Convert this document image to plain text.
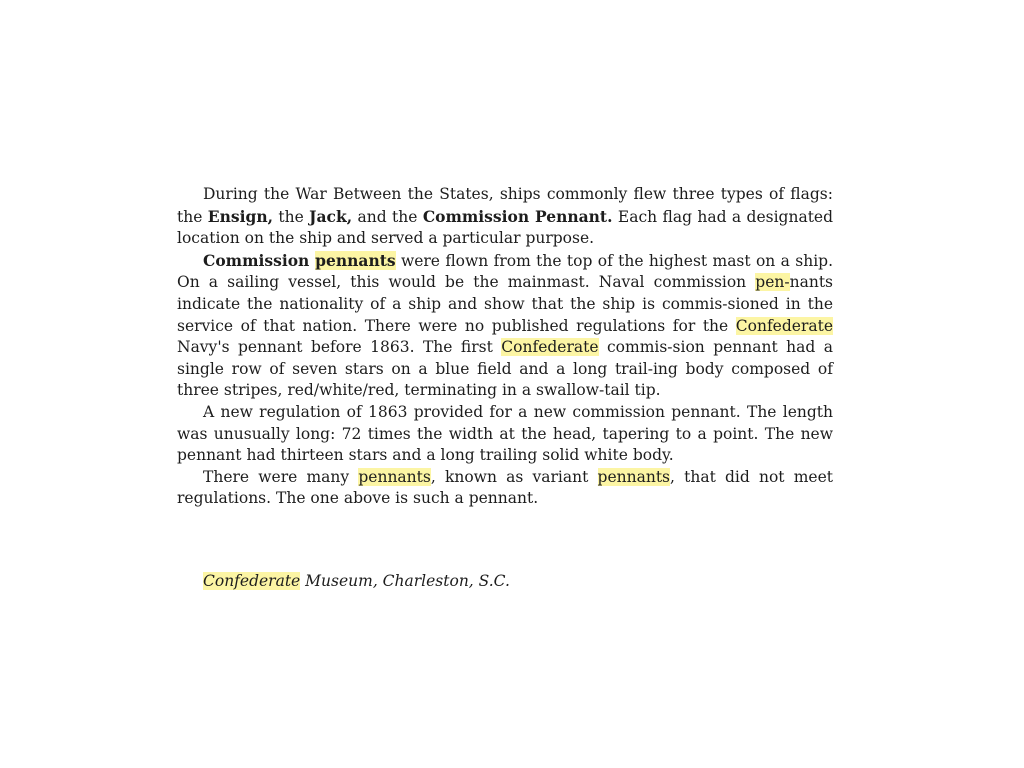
During the War Between the States, ships commonly flew three types of flags: the Ensign, the Jack, and the Commission Pennant. Each flag had a designated location on the ship and served a particular purpose.

Commission pennants were flown from the top of the highest mast on a ship. On a sailing vessel, this would be the mainmast. Naval commission pen-nants indicate the nationality of a ship and show that the ship is commis-sioned in the service of that nation. There were no published regulations for the Confederate Navy's pennant before 1863. The first Confederate commis-sion pennant had a single row of seven stars on a blue field and a long trail-ing body composed of three stripes, red/white/red, terminating in a swallow-tail tip.

A new regulation of 1863 provided for a new commission pennant. The length was unusually long: 72 times the width at the head, tapering to a point. The new pennant had thirteen stars and a long trailing solid white body.

There were many pennants, known as variant pennants, that did not meet regulations. The one above is such a pennant.

Confederate Museum, Charleston, S.C.
